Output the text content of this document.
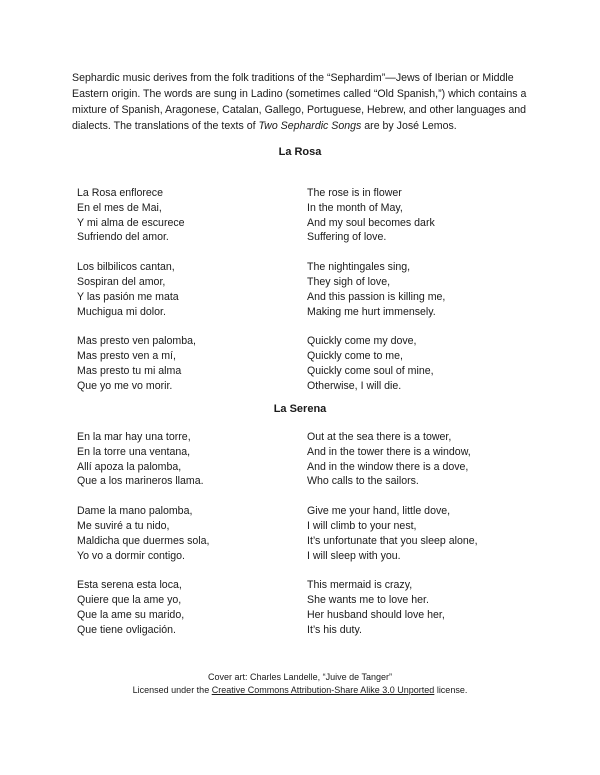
Sephardic music derives from the folk traditions of the “Sephardim”—Jews of Iberian or Middle Eastern origin. The words are sung in Ladino (sometimes called “Old Spanish,”) which contains a mixture of Spanish, Aragonese, Catalan, Gallego, Portuguese, Hebrew, and other languages and dialects. The translations of the texts of Two Sephardic Songs are by José Lemos.

La Rosa
La Rosa enflorece
En el mes de Mai,
Y mi alma de escurece
Sufriendo del amor.
Los bilbilicos cantan,
Sospiran del amor,
Y las pasión me mata
Muchigua mi dolor.
Mas presto ven palomba,
Mas presto ven a mí,
Mas presto tu mi alma
Que yo me vo morir.
The rose is in flower
In the month of May,
And my soul becomes dark
Suffering of love.
The nightingales sing,
They sigh of love,
And this passion is killing me,
Making me hurt immensely.
Quickly come my dove,
Quickly come to me,
Quickly come soul of mine,
Otherwise, I will die.
La Serena
En la mar hay una torre,
En la torre una ventana,
Allí apoza la palomba,
Que a los marineros llama.
Dame la mano palomba,
Me suviré a tu nido,
Maldicha que duermes sola,
Yo vo a dormir contigo.
Esta serena esta loca,
Quiere que la ame yo,
Que la ame su marido,
Que tiene ovligación.
Out at the sea there is a tower,
And in the tower there is a window,
And in the window there is a dove,
Who calls to the sailors.
Give me your hand, little dove,
I will climb to your nest,
It’s unfortunate that you sleep alone,
I will sleep with you.
This mermaid is crazy,
She wants me to love her.
Her husband should love her,
It’s his duty.
Cover art: Charles Landelle, “Juive de Tanger”
Licensed under the Creative Commons Attribution-Share Alike 3.0 Unported license.
